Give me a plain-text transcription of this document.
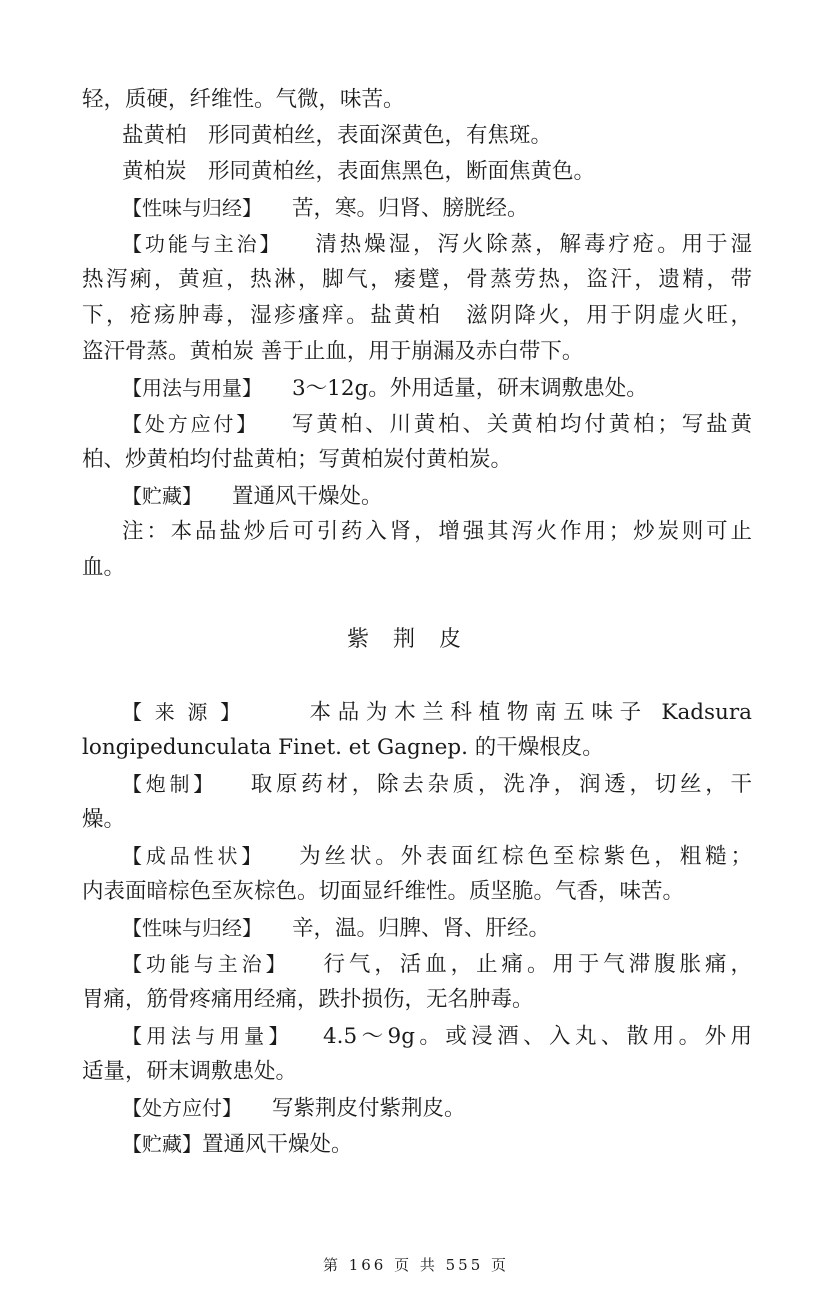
轻，质硬，纤维性。气微，味苦。
盐黄柏　形同黄柏丝，表面深黄色，有焦斑。
黄柏炭　形同黄柏丝，表面焦黑色，断面焦黄色。
【性味与归经】 苦，寒。归肾、膀胱经。
【功能与主治】 清热燥湿，泻火除蒸，解毒疗疮。用于湿
热泻痢，黄疸，热淋，脚气，痿躄，骨蒸劳热，盗汗，遗精，带
下，疮疡肿毒，湿疹瘙痒。盐黄柏　滋阴降火，用于阴虚火旺，
盗汗骨蒸。黄柏炭 善于止血，用于崩漏及赤白带下。
【用法与用量】 3～12g。外用适量，研末调敷患处。
【处方应付】 写黄柏、川黄柏、关黄柏均付黄柏；写盐黄
柏、炒黄柏均付盐黄柏；写黄柏炭付黄柏炭。
【贮藏】 置通风干燥处。
注：本品盐炒后可引药入肾，增强其泻火作用；炒炭则可止
血。
紫荆皮
【来源】 本品为木兰科植物南五味子 Kadsura
longipedunculata Finet. et Gagnep. 的干燥根皮。
【炮制】 取原药材，除去杂质，洗净，润透，切丝，干
燥。
【成品性状】 为丝状。外表面红棕色至棕紫色，粗糙；
内表面暗棕色至灰棕色。切面显纤维性。质坚脆。气香，味苦。
【性味与归经】 辛，温。归脾、肾、肝经。
【功能与主治】 行气，活血，止痛。用于气滞腹胀痛，
胃痛，筋骨疼痛用经痛，跌扑损伤，无名肿毒。
【用法与用量】 4.5～9g。或浸酒、入丸、散用。外用
适量，研末调敷患处。
【处方应付】 写紫荆皮付紫荆皮。
【贮藏】置通风干燥处。
第 166 页 共 555 页
